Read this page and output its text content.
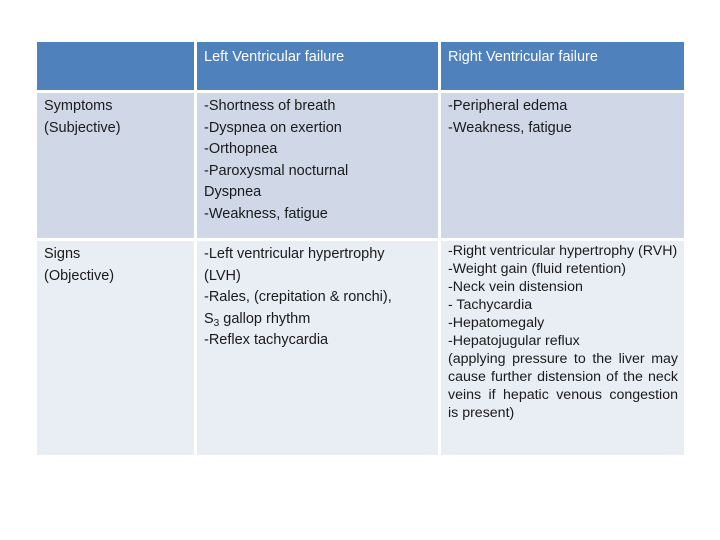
Left Ventricular failure	Right Ventricular failure
Symptoms
(Subjective)
-Shortness of breath
-Dyspnea on exertion
-Orthopnea
-Paroxysmal nocturnal
Dyspnea
-Weakness, fatigue
-Peripheral edema
-Weakness, fatigue
Signs
(Objective)
-Left ventricular hypertrophy
(LVH)
-Rales, (crepitation & ronchi),
$S_3$ gallop rhythm
-Reflex tachycardia
-Right ventricular hypertrophy (RVH)
-Weight gain (fluid retention)
-Neck vein distension
- Tachycardia
-Hepatomegaly
-Hepatojugular reflux
(applying pressure to the liver may cause further distension of the neck veins if hepatic venous congestion is present)
